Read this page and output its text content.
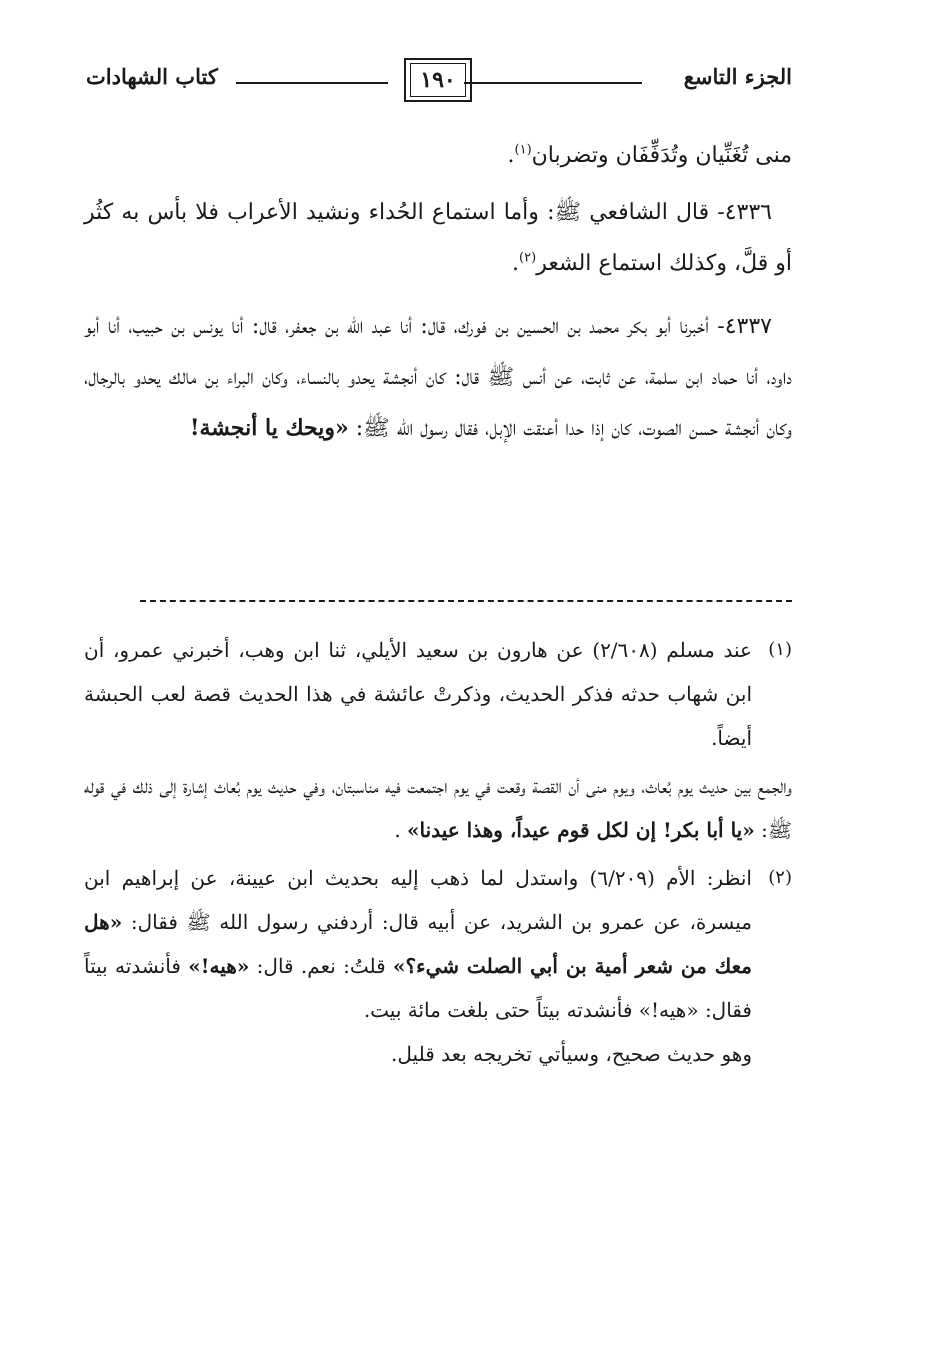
الجزء التاسع
١٩٠
كتاب الشهادات

منى تُغَنِّيان وتُدَفِّفَان وتضربان$^{(١)}$.

٤٣٣٦- قال الشافعي ﷺ: وأما استماع الحُداء ونشيد الأعراب فلا بأس به كثُر أو قلَّ، وكذلك استماع الشعر$^{(٢)}$.

٤٣٣٧- أخبرنا أبو بكر محمد بن الحسين بن فورك، قال: أنا عبد الله بن جعفر، قال: أنا يونس بن حبيب، أنا أبو داود، أنا حماد ابن سلمة، عن ثابت، عن أنس ﷺ قال: كان أنجشة يحدو بالنساء، وكان البراء بن مالك يحدو بالرجال، وكان أنجشة حسن الصوت، كان إذا حدا أعنقت الإبل، فقال رسول الله ﷺ: «ويحك يا أنجشة!

(١)

عند مسلم (٢/٦٠٨) عن هارون بن سعيد الأيلي، ثنا ابن وهب، أخبرني عمرو، أن ابن شهاب حدثه فذكر الحديث، وذكرتْ عائشة في هذا الحديث قصة لعب الحبشة أيضاً.

والجمع بين حديث يوم بُعاث، ويوم منى أن القصة وقعت في يوم اجتمعت فيه مناسبتان، وفي حديث يوم بُعاث إشارة إلى ذلك في قوله ﷺ: «يا أبا بكر! إن لكل قوم عيداً، وهذا عيدنا» .

(٢)

انظر: الأم (٦/٢٠٩) واستدل لما ذهب إليه بحديث ابن عيينة، عن إبراهيم ابن ميسرة، عن عمرو بن الشريد، عن أبيه قال: أردفني رسول الله ﷺ فقال: «هل معك من شعر أمية بن أبي الصلت شيء؟» قلتُ: نعم. قال: «هيه!» فأنشدته بيتاً فقال: «هيه!» فأنشدته بيتاً حتى بلغت مائة بيت.

وهو حديث صحيح، وسيأتي تخريجه بعد قليل.
